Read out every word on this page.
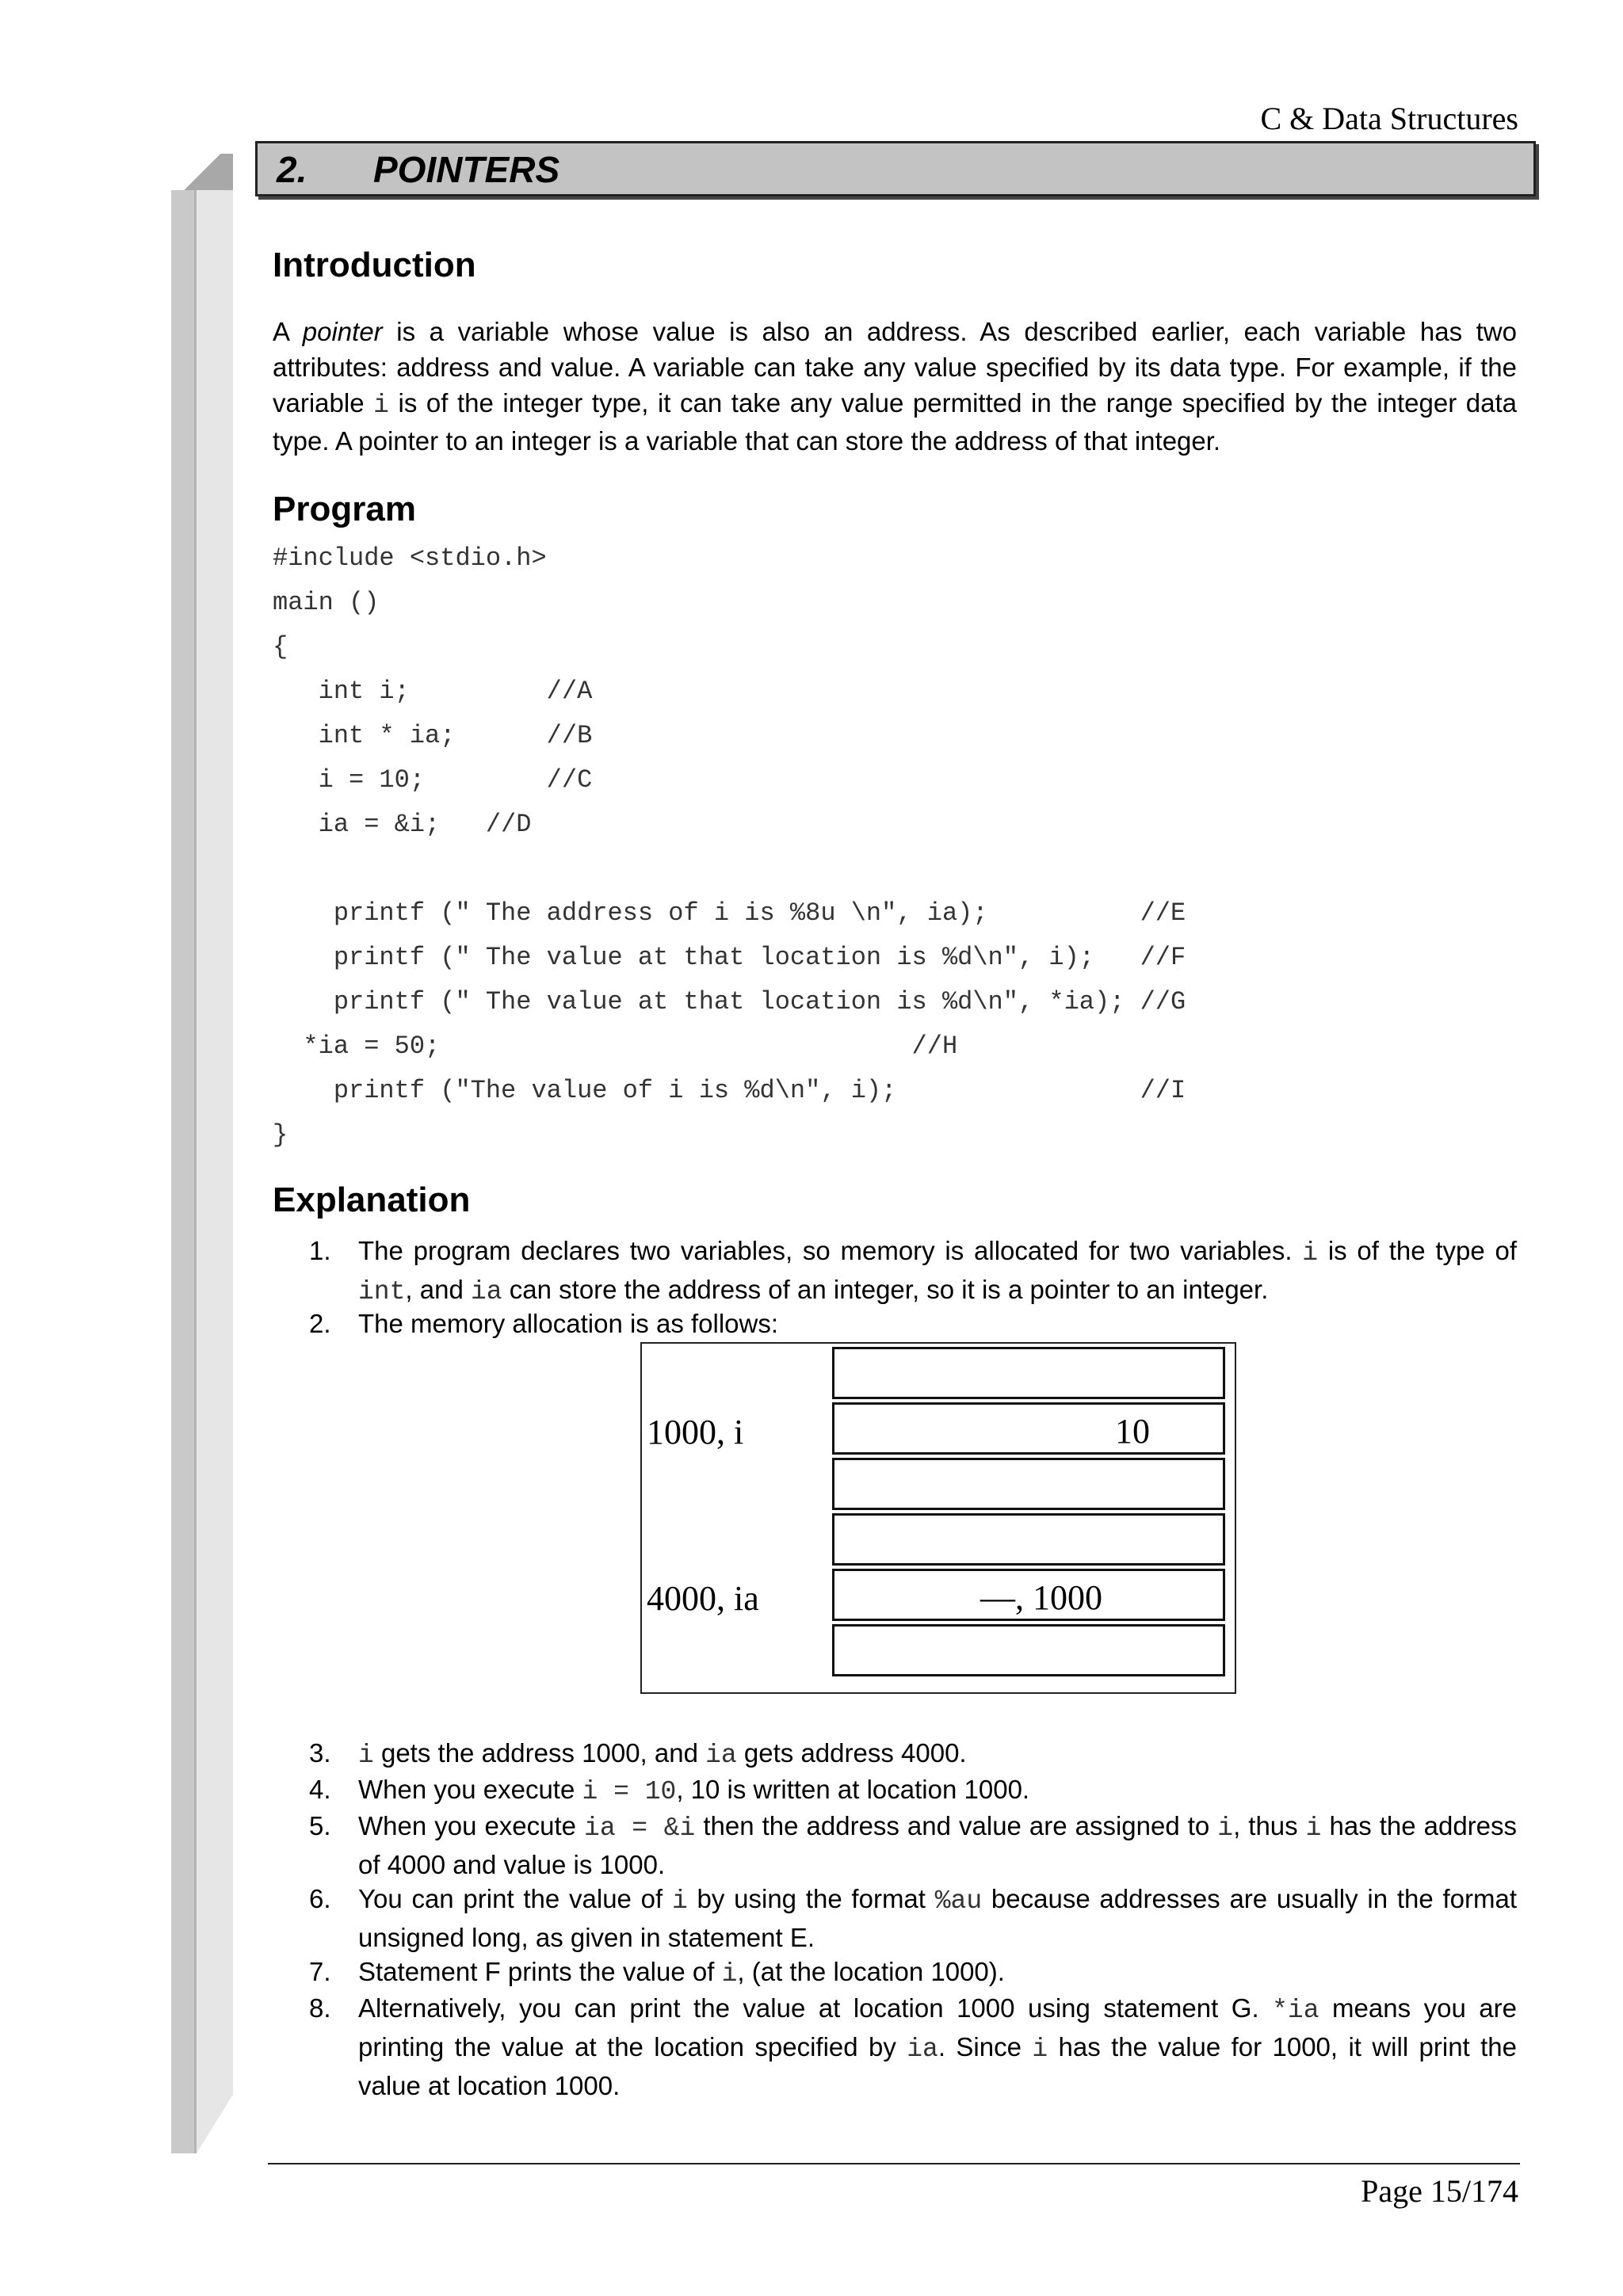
C & Data Structures
2. POINTERS
Introduction
A pointer is a variable whose value is also an address. As described earlier, each variable has two attributes: address and value. A variable can take any value specified by its data type. For example, if the variable i is of the integer type, it can take any value permitted in the range specified by the integer data type. A pointer to an integer is a variable that can store the address of that integer.
Program
#include <stdio.h>
main ()
{
int i;         //A
int * ia;      //B
i = 10;        //C
ia = &i;   //D
printf (" The address of i is %8u \n", ia);          //E
printf (" The value at that location is %d\n", i);   //F
printf (" The value at that location is %d\n", *ia); //G
*ia = 50;                               //H
printf ("The value of i is %d\n", i);                //I
}
Explanation
1. The program declares two variables, so memory is allocated for two variables. i is of the type of int, and ia can store the address of an integer, so it is a pointer to an integer.
2. The memory allocation is as follows:
1000, i
4000, ia
10
—, 1000
3. i gets the address 1000, and ia gets address 4000.
4. When you execute i = 10, 10 is written at location 1000.
5. When you execute ia = &i then the address and value are assigned to i, thus i has the address of 4000 and value is 1000.
6. You can print the value of i by using the format %au because addresses are usually in the format unsigned long, as given in statement E.
7. Statement F prints the value of i, (at the location 1000).
8. Alternatively, you can print the value at location 1000 using statement G. *ia means you are printing the value at the location specified by ia. Since i has the value for 1000, it will print the value at location 1000.
Page 15/174
